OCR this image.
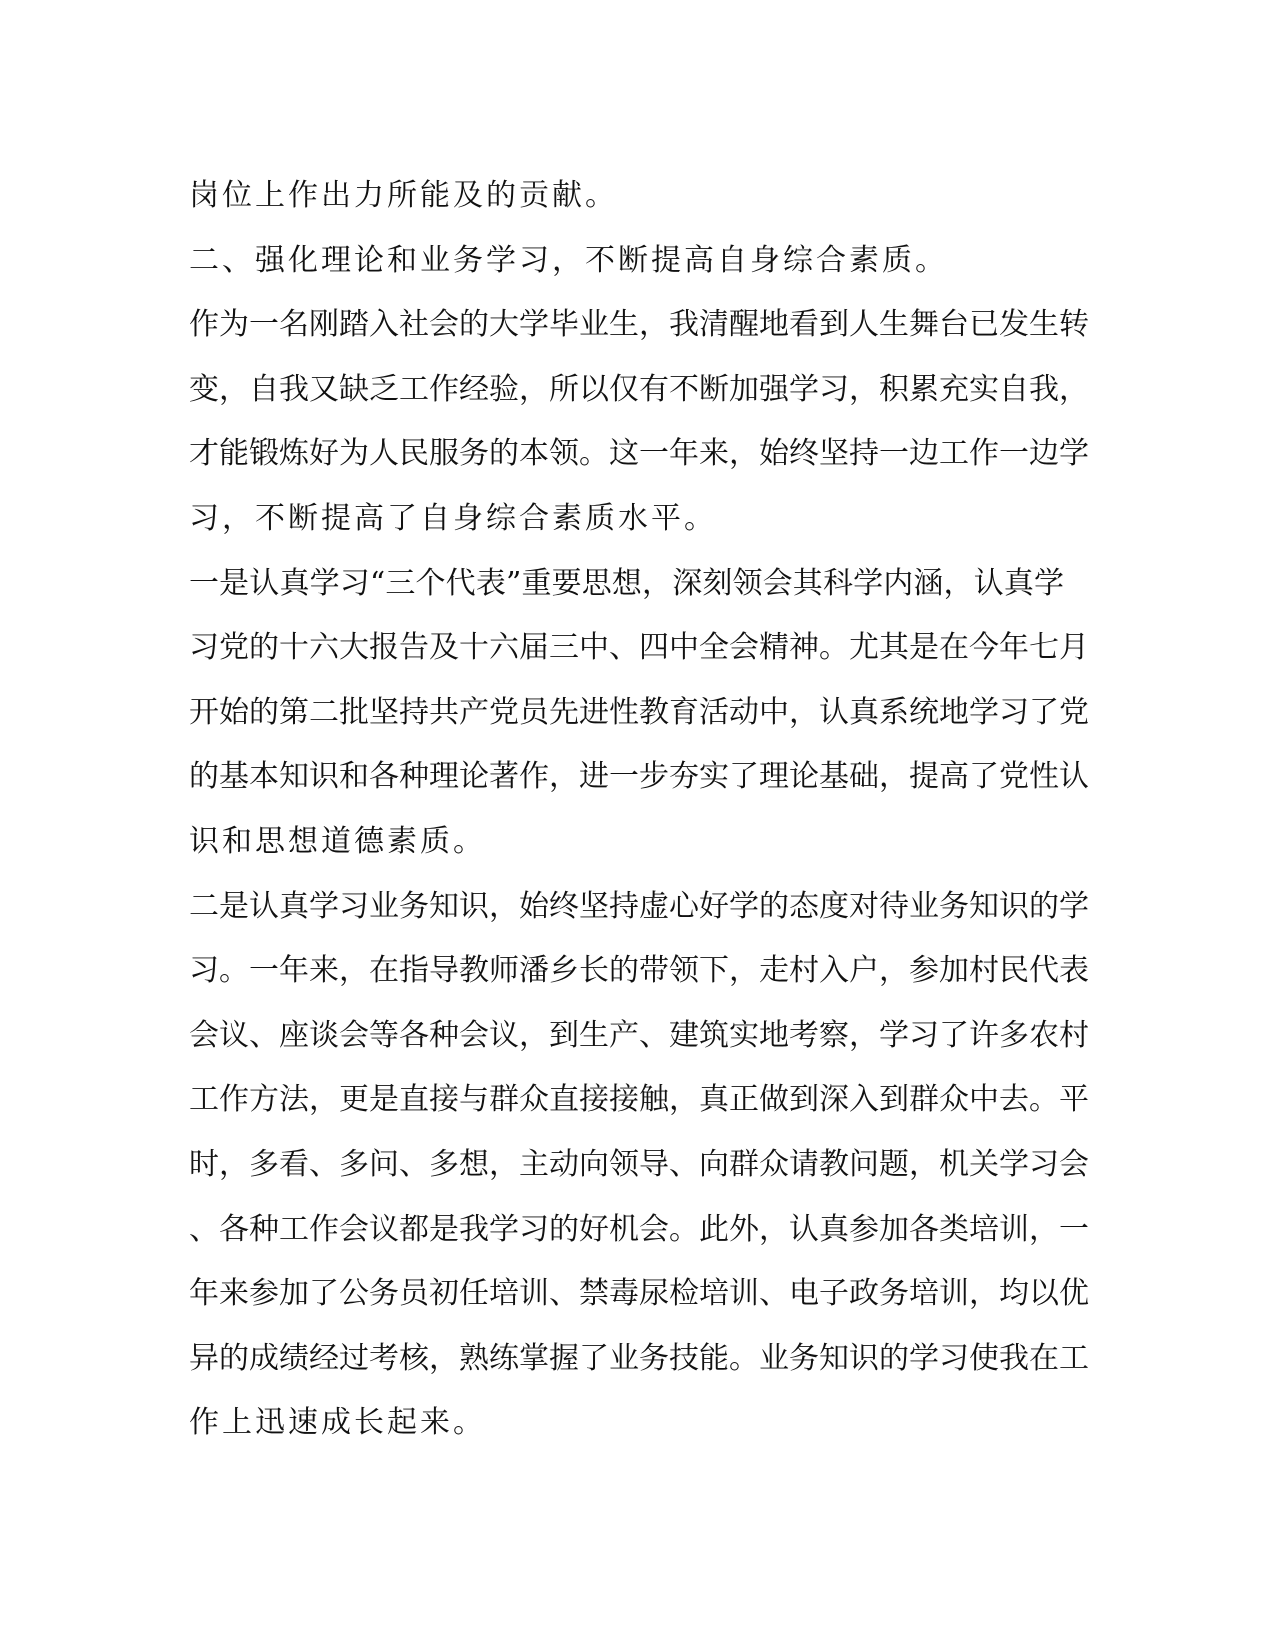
岗位上作出力所能及的贡献。
二、强化理论和业务学习，不断提高自身综合素质。
作为一名刚踏入社会的大学毕业生，我清醒地看到人生舞台已发生转
变，自我又缺乏工作经验，所以仅有不断加强学习，积累充实自我，
才能锻炼好为人民服务的本领。这一年来，始终坚持一边工作一边学
习，不断提高了自身综合素质水平。
一是认真学习“三个代表”重要思想，深刻领会其科学内涵，认真学
习党的十六大报告及十六届三中、四中全会精神。尤其是在今年七月
开始的第二批坚持共产党员先进性教育活动中，认真系统地学习了党
的基本知识和各种理论著作，进一步夯实了理论基础，提高了党性认
识和思想道德素质。
二是认真学习业务知识，始终坚持虚心好学的态度对待业务知识的学
习。一年来，在指导教师潘乡长的带领下，走村入户，参加村民代表
会议、座谈会等各种会议，到生产、建筑实地考察，学习了许多农村
工作方法，更是直接与群众直接接触，真正做到深入到群众中去。平
时，多看、多问、多想，主动向领导、向群众请教问题，机关学习会
、各种工作会议都是我学习的好机会。此外，认真参加各类培训，一
年来参加了公务员初任培训、禁毒尿检培训、电子政务培训，均以优
异的成绩经过考核，熟练掌握了业务技能。业务知识的学习使我在工
作上迅速成长起来。
